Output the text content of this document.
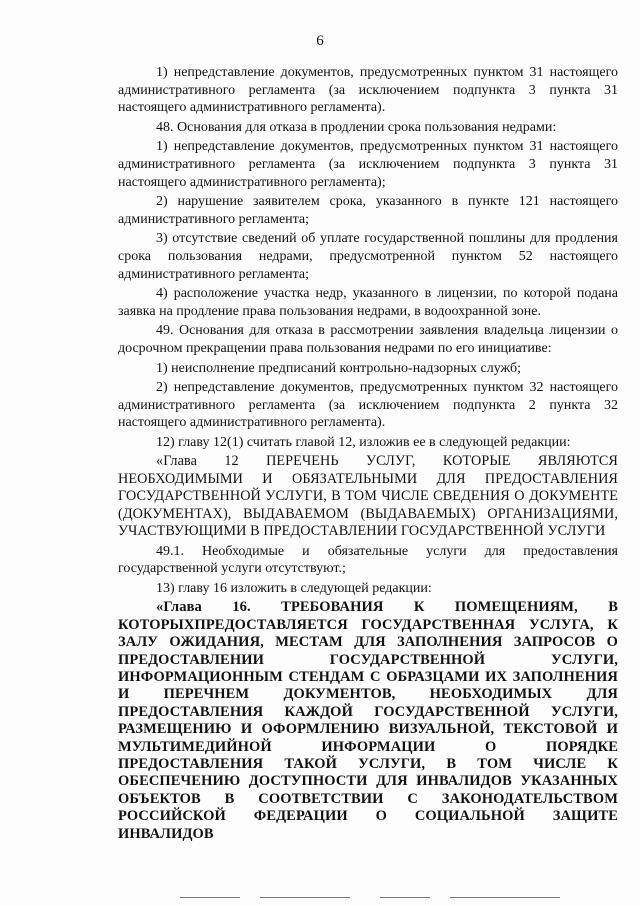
6

1) непредставление документов, предусмотренных пунктом 31 настоящего административного регламента (за исключением подпункта 3 пункта 31 настоящего административного регламента).

48. Основания для отказа в продлении срока пользования недрами:

1) непредставление документов, предусмотренных пунктом 31 настоящего административного регламента (за исключением подпункта 3 пункта 31 настоящего административного регламента);

2) нарушение заявителем срока, указанного в пункте 121 настоящего административного регламента;

3) отсутствие сведений об уплате государственной пошлины для продления срока пользования недрами, предусмотренной пунктом 52 настоящего административного регламента;

4) расположение участка недр, указанного в лицензии, по которой подана заявка на продление права пользования недрами, в водоохранной зоне.

49. Основания для отказа в рассмотрении заявления владельца лицензии о досрочном прекращении права пользования недрами по его инициативе:

1) неисполнение предписаний контрольно-надзорных служб;

2) непредставление документов, предусмотренных пунктом 32 настоящего административного регламента (за исключением подпункта 2 пункта 32 настоящего административного регламента).

12) главу 12(1) считать главой 12, изложив ее в следующей редакции:

«Глава 12 ПЕРЕЧЕНЬ УСЛУГ, КОТОРЫЕ ЯВЛЯЮТСЯ НЕОБХОДИМЫМИ И ОБЯЗАТЕЛЬНЫМИ ДЛЯ ПРЕДОСТАВЛЕНИЯ ГОСУДАРСТВЕННОЙ УСЛУГИ, В ТОМ ЧИСЛЕ СВЕДЕНИЯ О ДОКУМЕНТЕ (ДОКУМЕНТАХ), ВЫДАВАЕМОМ (ВЫДАВАЕМЫХ) ОРГАНИЗАЦИЯМИ, УЧАСТВУЮЩИМИ В ПРЕДОСТАВЛЕНИИ ГОСУДАРСТВЕННОЙ УСЛУГИ

49.1. Необходимые и обязательные услуги для предоставления государственной услуги отсутствуют.;

13) главу 16 изложить в следующей редакции:

«Глава 16. ТРЕБОВАНИЯ К ПОМЕЩЕНИЯМ, В КОТОРЫХПРЕДОСТАВЛЯЕТСЯ ГОСУДАРСТВЕННАЯ УСЛУГА, К ЗАЛУ ОЖИДАНИЯ, МЕСТАМ ДЛЯ ЗАПОЛНЕНИЯ ЗАПРОСОВ О ПРЕДОСТАВЛЕНИИ ГОСУДАРСТВЕННОЙ УСЛУГИ, ИНФОРМАЦИОННЫМ СТЕНДАМ С ОБРАЗЦАМИ ИХ ЗАПОЛНЕНИЯ И ПЕРЕЧНЕМ ДОКУМЕНТОВ, НЕОБХОДИМЫХ ДЛЯ ПРЕДОСТАВЛЕНИЯ КАЖДОЙ ГОСУДАРСТВЕННОЙ УСЛУГИ, РАЗМЕЩЕНИЮ И ОФОРМЛЕНИЮ ВИЗУАЛЬНОЙ, ТЕКСТОВОЙ И МУЛЬТИМЕДИЙНОЙ ИНФОРМАЦИИ О ПОРЯДКЕ ПРЕДОСТАВЛЕНИЯ ТАКОЙ УСЛУГИ, В ТОМ ЧИСЛЕ К ОБЕСПЕЧЕНИЮ ДОСТУПНОСТИ ДЛЯ ИНВАЛИДОВ УКАЗАННЫХ ОБЪЕКТОВ В СООТВЕТСТВИИ С ЗАКОНОДАТЕЛЬСТВОМ РОССИЙСКОЙ ФЕДЕРАЦИИ О СОЦИАЛЬНОЙ ЗАЩИТЕ ИНВАЛИДОВ
